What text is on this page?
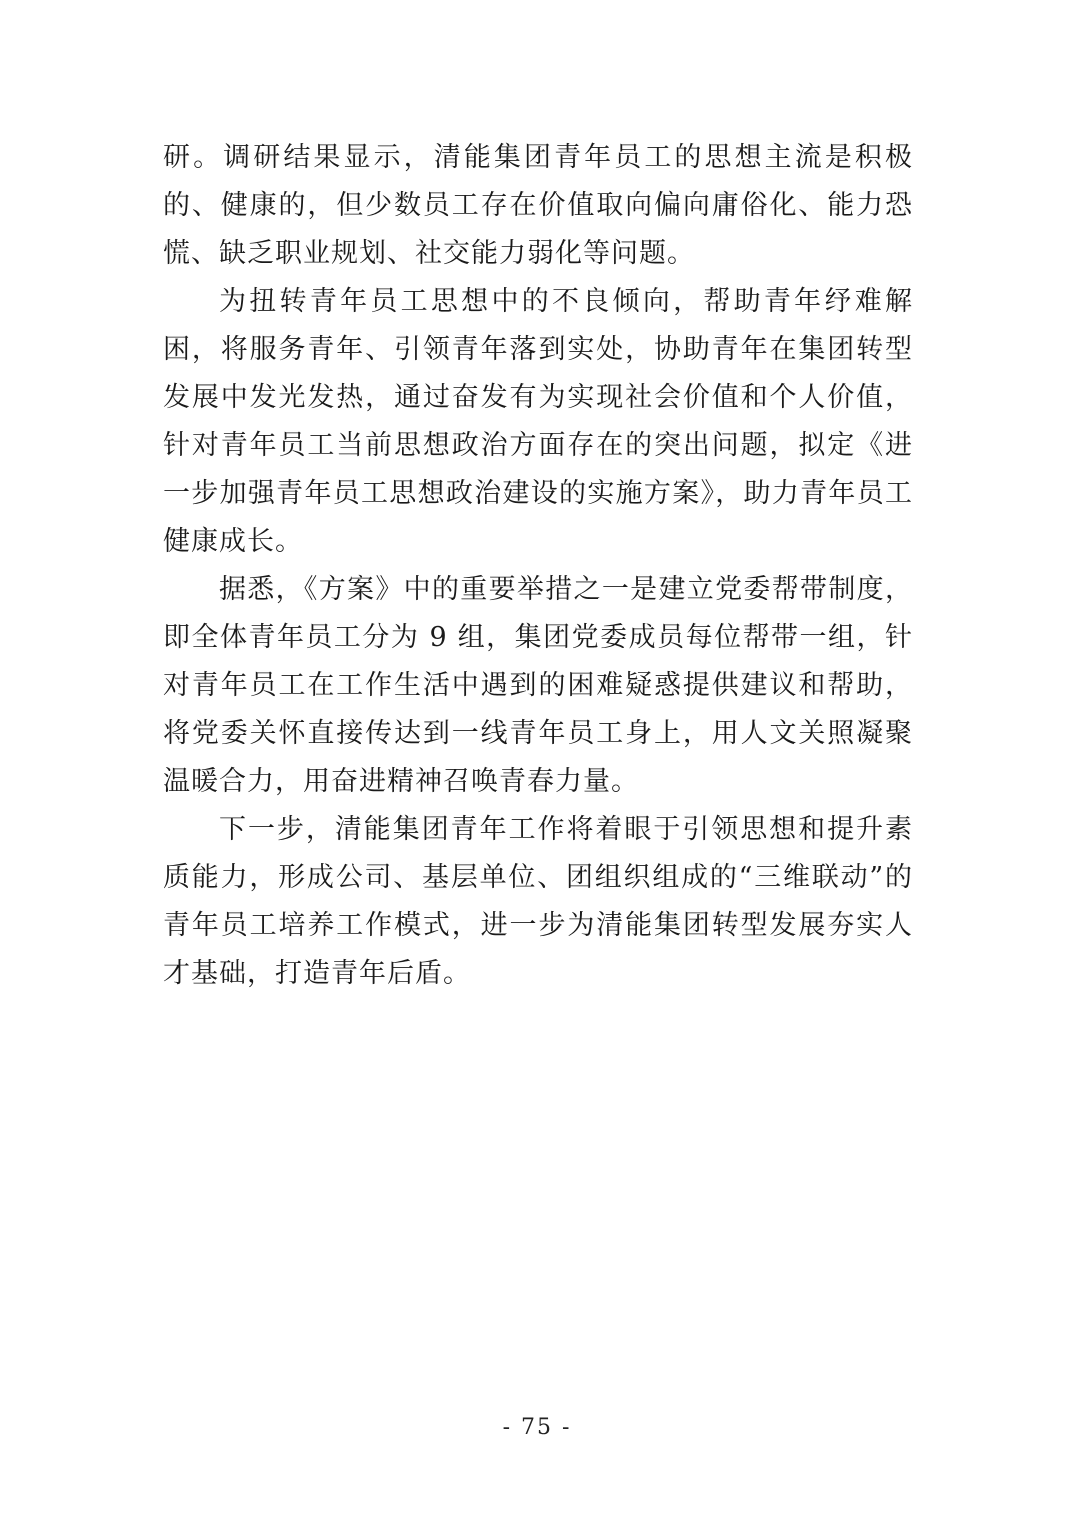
研。调研结果显示，清能集团青年员工的思想主流是积极的、健康的，但少数员工存在价值取向偏向庸俗化、能力恐慌、缺乏职业规划、社交能力弱化等问题。

为扭转青年员工思想中的不良倾向，帮助青年纾难解困，将服务青年、引领青年落到实处，协助青年在集团转型发展中发光发热，通过奋发有为实现社会价值和个人价值，针对青年员工当前思想政治方面存在的突出问题，拟定《进一步加强青年员工思想政治建设的实施方案》，助力青年员工健康成长。

据悉，《方案》中的重要举措之一是建立党委帮带制度，即全体青年员工分为 9 组，集团党委成员每位帮带一组，针对青年员工在工作生活中遇到的困难疑惑提供建议和帮助，将党委关怀直接传达到一线青年员工身上，用人文关照凝聚温暖合力，用奋进精神召唤青春力量。

下一步，清能集团青年工作将着眼于引领思想和提升素质能力，形成公司、基层单位、团组织组成的“三维联动”的青年员工培养工作模式，进一步为清能集团转型发展夯实人才基础，打造青年后盾。

- 75 -
